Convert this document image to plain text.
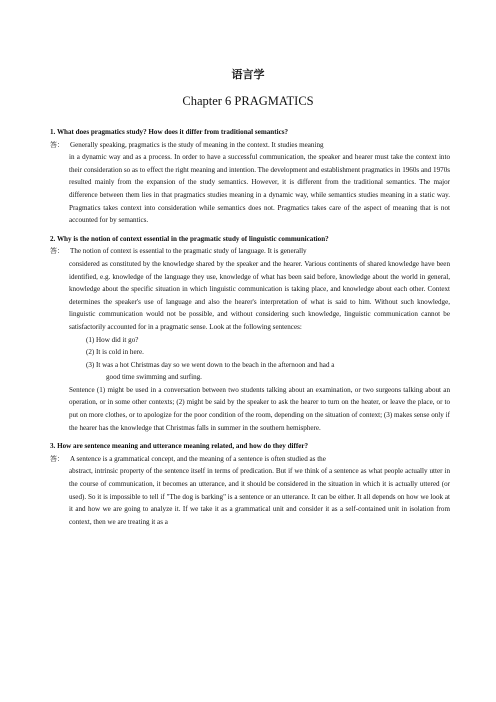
语言学
Chapter 6 PRAGMATICS

1. What does pragmatics study? How does it differ from traditional semantics?

答： Generally speaking, pragmatics is the study of meaning in the context. It studies meaning

in a dynamic way and as a process. In order to have a successful communication, the speaker and hearer must take the context into their consideration so as to effect the right meaning and intention. The development and establishment pragmatics in 1960s and 1970s resulted mainly from the expansion of the study semantics. However, it is different from the traditional semantics. The major difference between them lies in that pragmatics studies meaning in a dynamic way, while semantics studies meaning in a static way. Pragmatics takes context into consideration while semantics does not. Pragmatics takes care of the aspect of meaning that is not accounted for by semantics.

2. Why is the notion of context essential in the pragmatic study of linguistic communication?

答： The notion of context is essential to the pragmatic study of language. It is generally

considered as constituted by the knowledge shared by the speaker and the hearer. Various continents of shared knowledge have been identified, e.g. knowledge of the language they use, knowledge of what has been said before, knowledge about the world in general, knowledge about the specific situation in which linguistic communication is taking place, and knowledge about each other. Context determines the speaker's use of language and also the hearer's interpretation of what is said to him. Without such knowledge, linguistic communication would not be possible, and without considering such knowledge, linguistic communication cannot be satisfactorily accounted for in a pragmatic sense. Look at the following sentences:

(1) How did it go?
(2) It is cold in here.
(3) It was a hot Christmas day so we went down to the beach in the afternoon and had a
good time swimming and surfing.

Sentence (1) might be used in a conversation between two students talking about an examination, or two surgeons talking about an operation, or in some other contexts; (2) might be said by the speaker to ask the hearer to turn on the heater, or leave the place, or to put on more clothes, or to apologize for the poor condition of the room, depending on the situation of context; (3) makes sense only if the hearer has the knowledge that Christmas falls in summer in the southern hemisphere.

3. How are sentence meaning and utterance meaning related, and how do they differ?

答： A sentence is a grammatical concept, and the meaning of a sentence is often studied as the

abstract, intrinsic property of the sentence itself in terms of predication. But if we think of a sentence as what people actually utter in the course of communication, it becomes an utterance, and it should be considered in the situation in which it is actually uttered (or used). So it is impossible to tell if "The dog is barking" is a sentence or an utterance. It can be either. It all depends on how we look at it and how we are going to analyze it. If we take it as a grammatical unit and consider it as a self-contained unit in isolation from context, then we are treating it as a
